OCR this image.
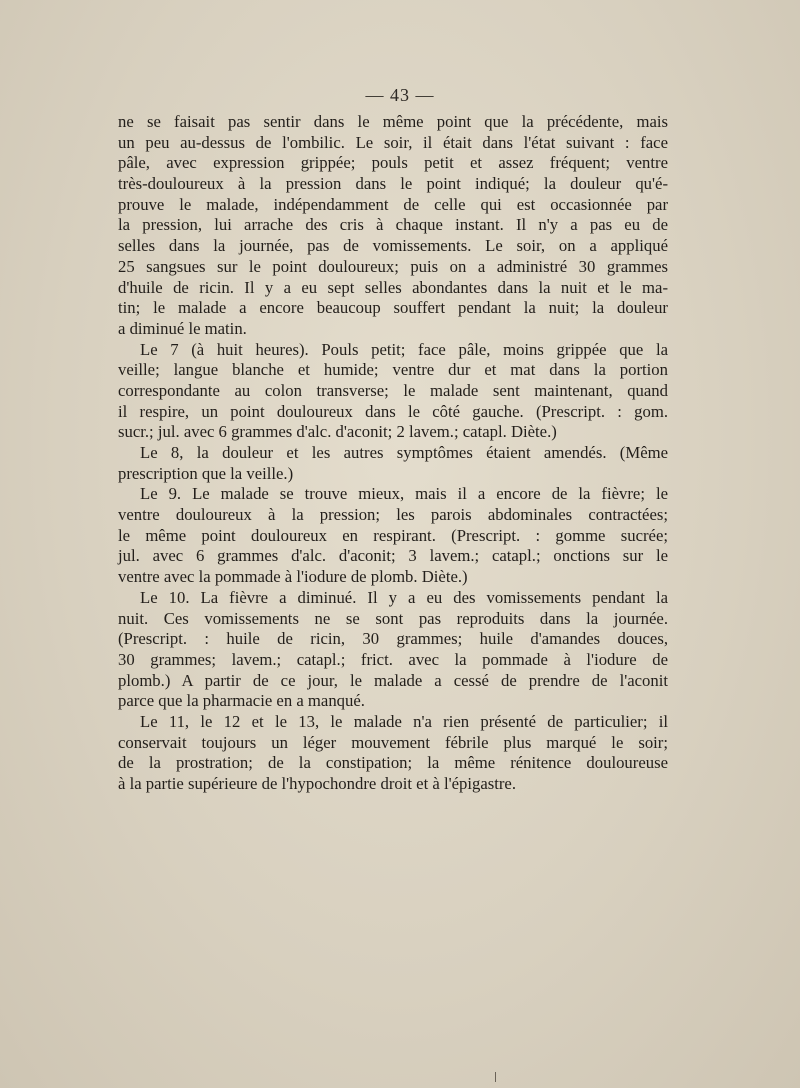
— 43 —
ne se faisait pas sentir dans le même point que la précédente, mais
un peu au-dessus de l'ombilic. Le soir, il était dans l'état suivant : face
pâle, avec expression grippée; pouls petit et assez fréquent; ventre
très-douloureux à la pression dans le point indiqué; la douleur qu'é-
prouve le malade, indépendamment de celle qui est occasionnée par
la pression, lui arrache des cris à chaque instant. Il n'y a pas eu de
selles dans la journée, pas de vomissements. Le soir, on a appliqué
25 sangsues sur le point douloureux; puis on a administré 30 grammes
d'huile de ricin. Il y a eu sept selles abondantes dans la nuit et le ma-
tin; le malade a encore beaucoup souffert pendant la nuit; la douleur
a diminué le matin.
Le 7 (à huit heures). Pouls petit; face pâle, moins grippée que la
veille; langue blanche et humide; ventre dur et mat dans la portion
correspondante au colon transverse; le malade sent maintenant, quand
il respire, un point douloureux dans le côté gauche. (Prescript. : gom.
sucr.; jul. avec 6 grammes d'alc. d'aconit; 2 lavem.; catapl. Diète.)
Le 8, la douleur et les autres symptômes étaient amendés. (Même
prescription que la veille.)
Le 9. Le malade se trouve mieux, mais il a encore de la fièvre; le
ventre douloureux à la pression; les parois abdominales contractées;
le même point douloureux en respirant. (Prescript. : gomme sucrée;
jul. avec 6 grammes d'alc. d'aconit; 3 lavem.; catapl.; onctions sur le
ventre avec la pommade à l'iodure de plomb. Diète.)
Le 10. La fièvre a diminué. Il y a eu des vomissements pendant la
nuit. Ces vomissements ne se sont pas reproduits dans la journée.
(Prescript. : huile de ricin, 30 grammes; huile d'amandes douces,
30 grammes; lavem.; catapl.; frict. avec la pommade à l'iodure de
plomb.) A partir de ce jour, le malade a cessé de prendre de l'aconit
parce que la pharmacie en a manqué.
Le 11, le 12 et le 13, le malade n'a rien présenté de particulier; il
conservait toujours un léger mouvement fébrile plus marqué le soir;
de la prostration; de la constipation; la même rénitence douloureuse
à la partie supérieure de l'hypochondre droit et à l'épigastre.
